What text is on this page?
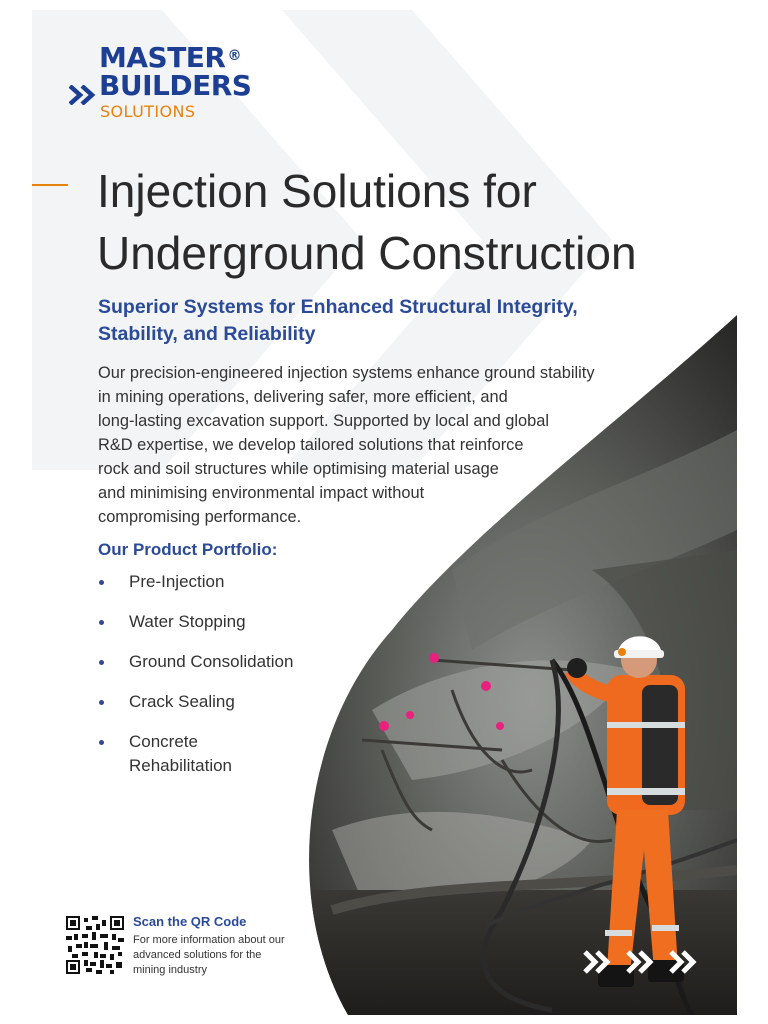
MASTER ®
BUILDERS
SOLUTIONS
Injection Solutions for
Underground Construction
Superior Systems for Enhanced Structural Integrity,
Stability, and Reliability

Our precision-engineered injection systems enhance ground stability
in mining operations, delivering safer, more efficient, and
long-lasting excavation support. Supported by local and global
R&D expertise, we develop tailored solutions that reinforce
rock and soil structures while optimising material usage
and minimising environmental impact without
compromising performance.

Our Product Portfolio:
Pre-Injection
Water Stopping
Ground Consolidation
Crack Sealing
Concrete Rehabilitation
Scan the QR Code
For more information about our advanced solutions for the mining industry
